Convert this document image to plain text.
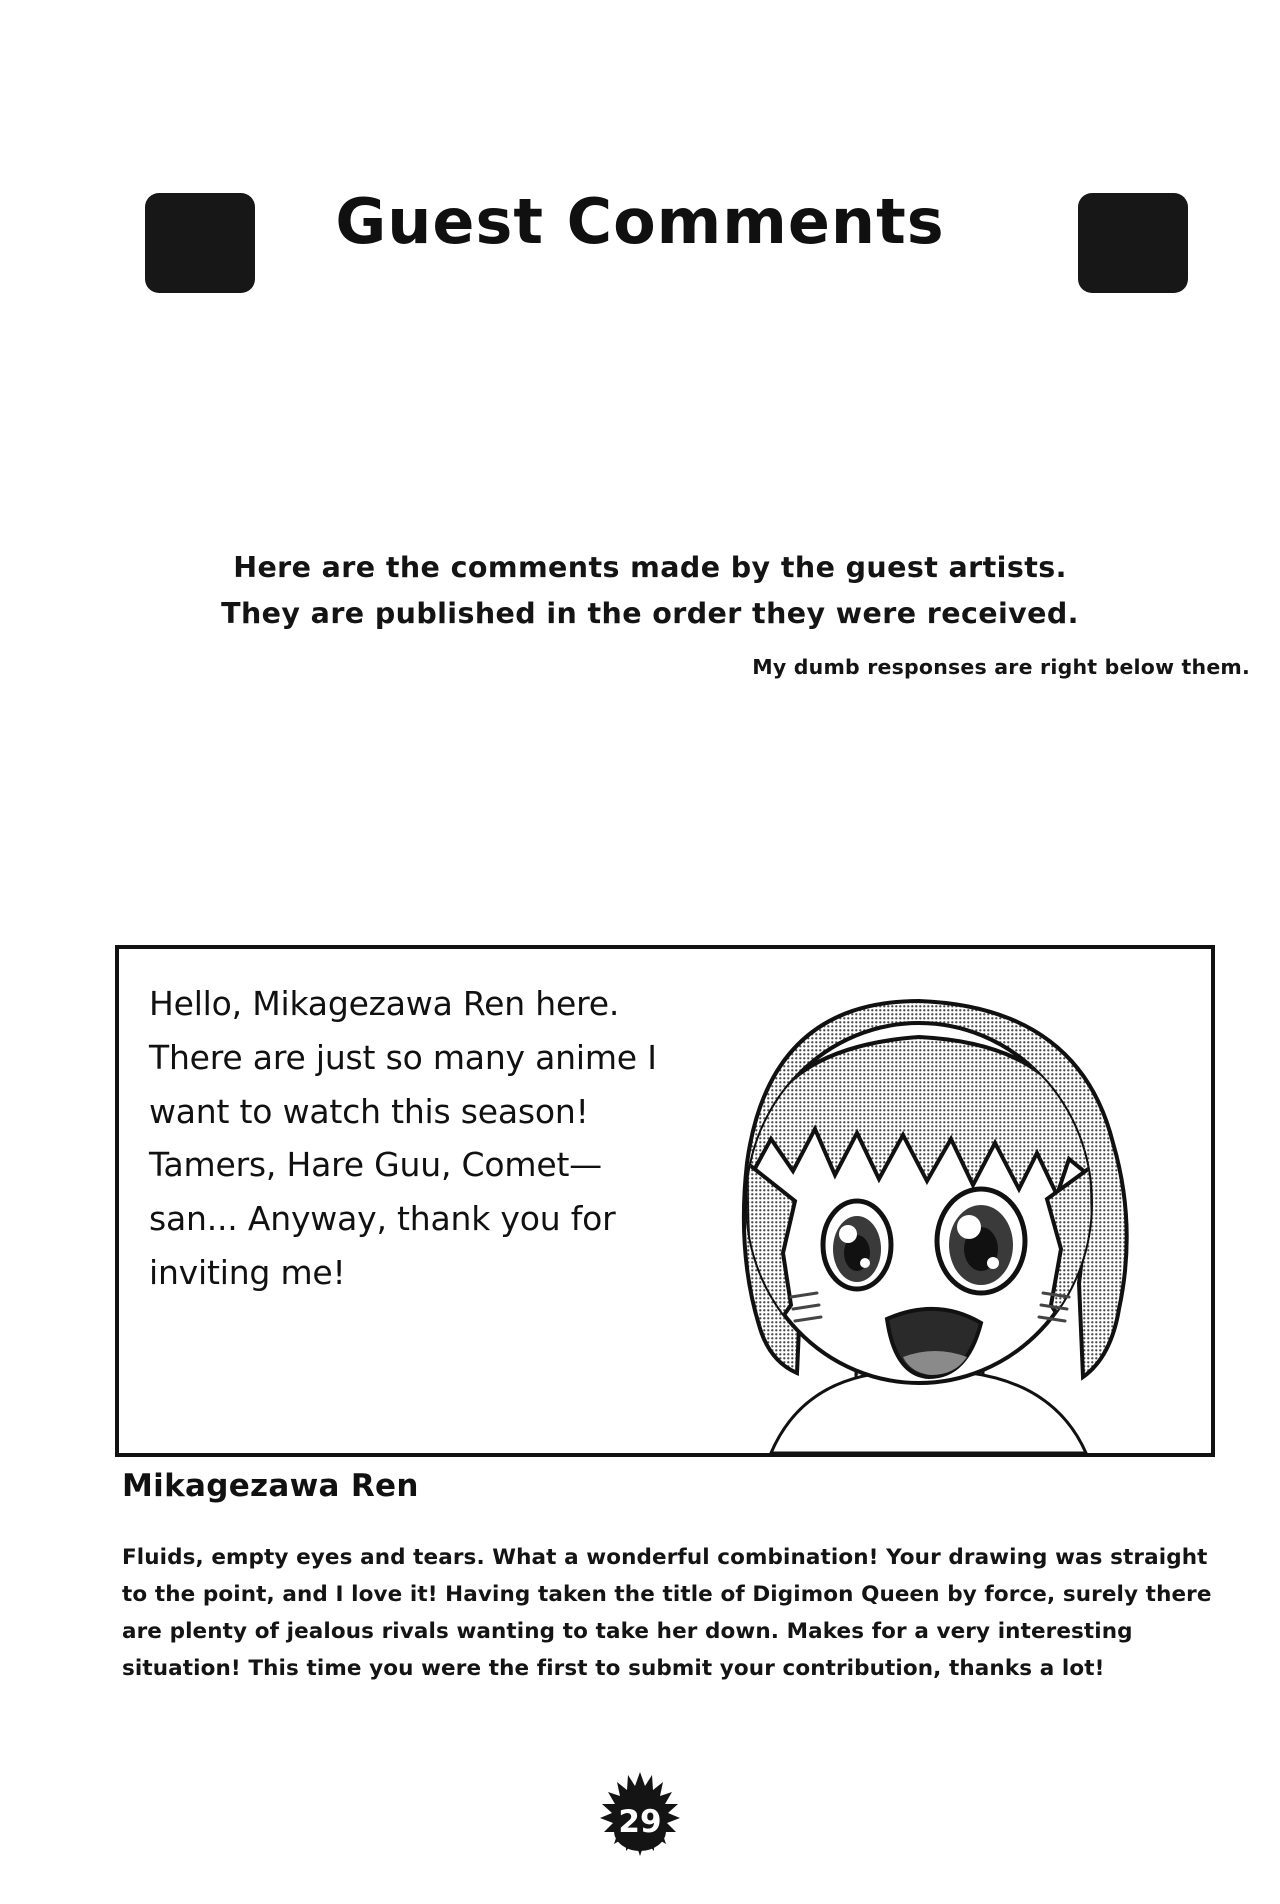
Guest Comments
Here are the comments made by the guest artists.
They are published in the order they were received.
My dumb responses are right below them.
Hello, Mikagezawa Ren here. There are just so many anime I want to watch this season! Tamers, Hare Guu, Comet—san... Anyway, thank you for inviting me!
Mikagezawa Ren
Fluids, empty eyes and tears. What a wonderful combination! Your drawing was straight to the point, and I love it! Having taken the title of Digimon Queen by force, surely there are plenty of jealous rivals wanting to take her down. Makes for a very interesting situation! This time you were the first to submit your contribution, thanks a lot!
29
